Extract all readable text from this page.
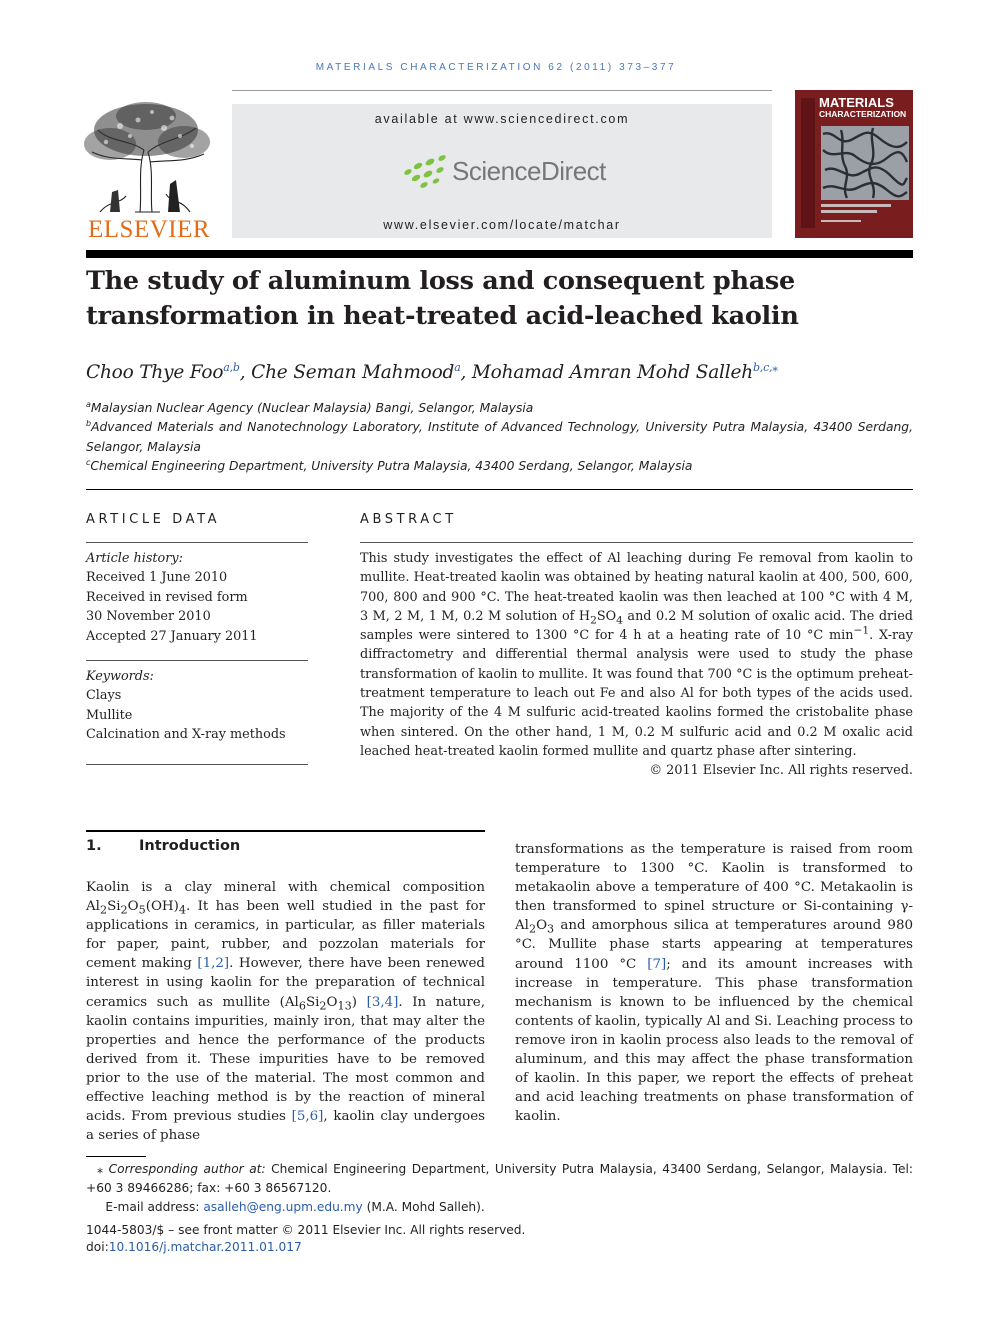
MATERIALS CHARACTERIZATION 62 (2011) 373–377
ELSEVIER
available at www.sciencedirect.com
ScienceDirect
www.elsevier.com/locate/matchar
MATERIALS
CHARACTERIZATION
The study of aluminum loss and consequent phase transformation in heat-treated acid-leached kaolin
Choo Thye Foo$^{a,b}$, Che Seman Mahmood$^a$, Mohamad Amran Mohd Salleh$^{b,c,⁎}$
$^a$Malaysian Nuclear Agency (Nuclear Malaysia) Bangi, Selangor, Malaysia
$^b$Advanced Materials and Nanotechnology Laboratory, Institute of Advanced Technology, University Putra Malaysia, 43400 Serdang, Selangor, Malaysia
$^c$Chemical Engineering Department, University Putra Malaysia, 43400 Serdang, Selangor, Malaysia
ARTICLE DATA
Article history:
Received 1 June 2010
Received in revised form
30 November 2010
Accepted 27 January 2011
Keywords:
Clays
Mullite
Calcination and X-ray methods
ABSTRACT

This study investigates the effect of Al leaching during Fe removal from kaolin to mullite. Heat-treated kaolin was obtained by heating natural kaolin at 400, 500, 600, 700, 800 and 900 °C. The heat-treated kaolin was then leached at 100 °C with 4 M, 3 M, 2 M, 1 M, 0.2 M solution of $H_2SO_4$ and 0.2 M solution of oxalic acid. The dried samples were sintered to 1300 °C for 4 h at a heating rate of 10 °C $\min^{-1}$. X-ray diffractometry and differential thermal analysis were used to study the phase transformation of kaolin to mullite. It was found that 700 °C is the optimum preheat-treatment temperature to leach out Fe and also Al for both types of the acids used. The majority of the 4 M sulfuric acid-treated kaolins formed the cristobalite phase when sintered. On the other hand, 1 M, 0.2 M sulfuric acid and 0.2 M oxalic acid leached heat-treated kaolin formed mullite and quartz phase after sintering.

© 2011 Elsevier Inc. All rights reserved.

1.	Introduction

Kaolin is a clay mineral with chemical composition $Al_2Si_2O_5(OH)_4$. It has been well studied in the past for applications in ceramics, in particular, as filler materials for paper, paint, rubber, and pozzolan materials for cement making [1,2]. However, there have been renewed interest in using kaolin for the preparation of technical ceramics such as mullite $(Al_6Si_2O_{13})$ [3,4]. In nature, kaolin contains impurities, mainly iron, that may alter the properties and hence the performance of the products derived from it. These impurities have to be removed prior to the use of the material. The most common and effective leaching method is by the reaction of mineral acids. From previous studies [5,6], kaolin clay undergoes a series of phase

transformations as the temperature is raised from room temperature to 1300 °C. Kaolin is transformed to metakaolin above a temperature of 400 °C. Metakaolin is then transformed to spinel structure or Si-containing $\gamma-Al_2O_3$ and amorphous silica at temperatures around 980 °C. Mullite phase starts appearing at temperatures around 1100 °C [7]; and its amount increases with increase in temperature. This phase transformation mechanism is known to be influenced by the chemical contents of kaolin, typically Al and Si. Leaching process to remove iron in kaolin process also leads to the removal of aluminum, and this may affect the phase transformation of kaolin. In this paper, we report the effects of preheat and acid leaching treatments on phase transformation of kaolin.

⁎ Corresponding author at: Chemical Engineering Department, University Putra Malaysia, 43400 Serdang, Selangor, Malaysia. Tel: +60 3 89466286; fax: +60 3 86567120.

E-mail address: asalleh@eng.upm.edu.my (M.A. Mohd Salleh).

1044-5803/$ – see front matter © 2011 Elsevier Inc. All rights reserved.

doi:10.1016/j.matchar.2011.01.017
